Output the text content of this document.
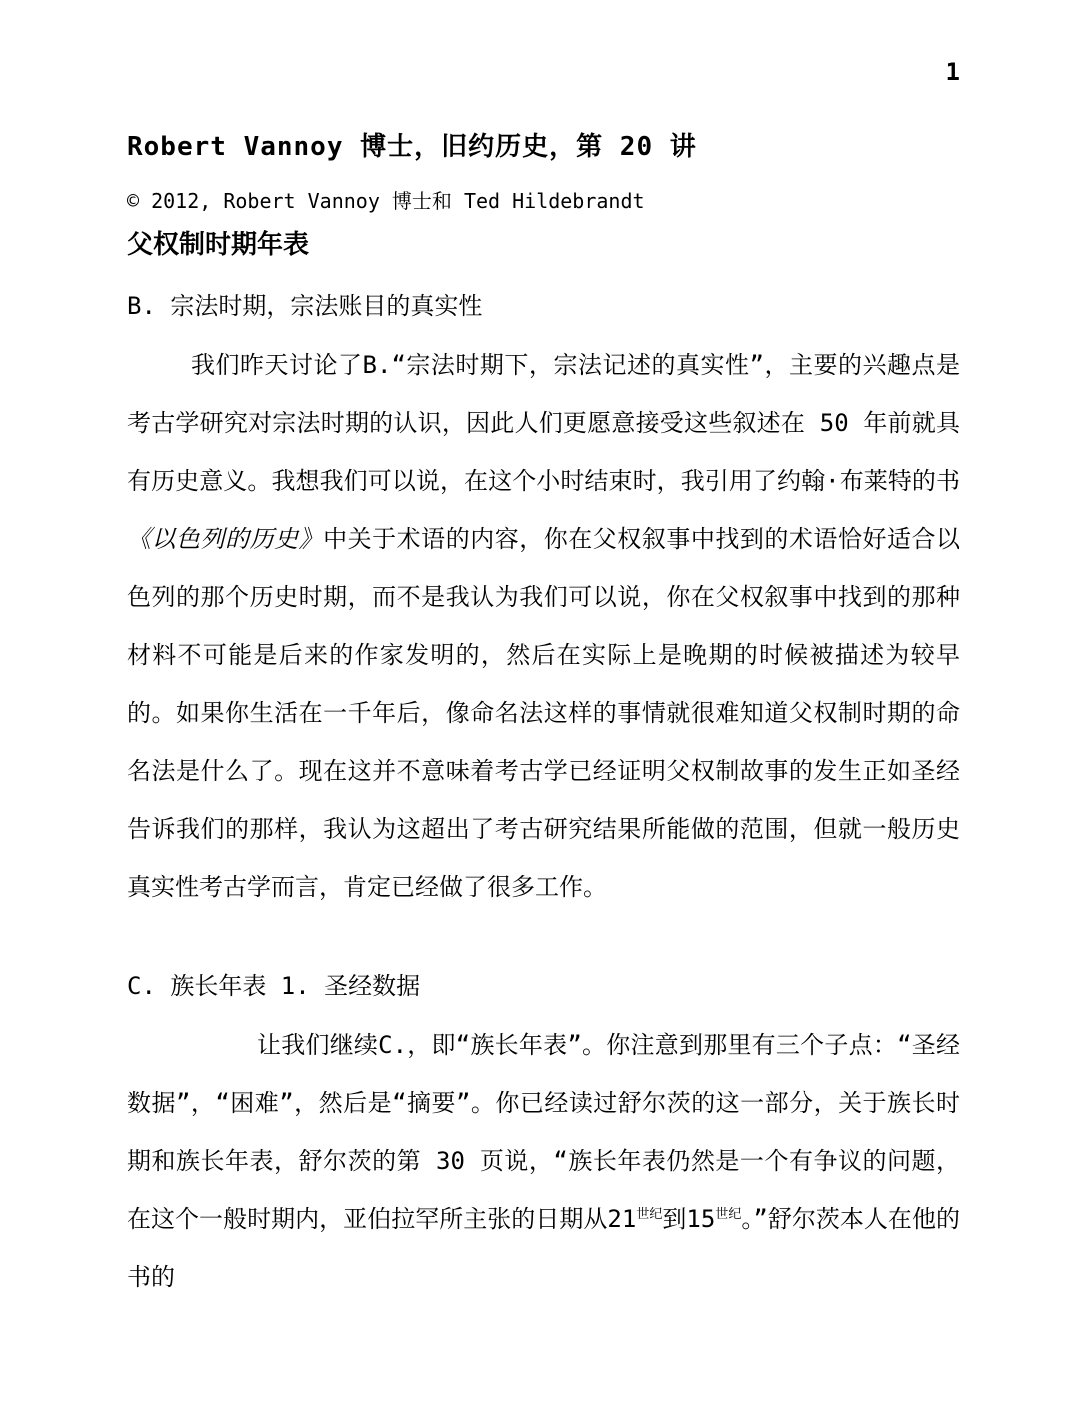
1
Robert Vannoy 博士，旧约历史，第 20 讲

© 2012, Robert Vannoy 博士和 Ted Hildebrandt

父权制时期年表
B. 宗法时期，宗法账目的真实性

我们昨天讨论了B.“宗法时期下，宗法记述的真实性”，主要的兴趣点是考古学研究对宗法时期的认识，因此人们更愿意接受这些叙述在 50 年前就具有历史意义。我想我们可以说，在这个小时结束时，我引用了约翰·布莱特的书《以色列的历史》中关于术语的内容，你在父权叙事中找到的术语恰好适合以色列的那个历史时期，而不是我认为我们可以说，你在父权叙事中找到的那种材料不可能是后来的作家发明的，然后在实际上是晚期的时候被描述为较早的。如果你生活在一千年后，像命名法这样的事情就很难知道父权制时期的命名法是什么了。现在这并不意味着考古学已经证明父权制故事的发生正如圣经告诉我们的那样，我认为这超出了考古研究结果所能做的范围，但就一般历史真实性考古学而言，肯定已经做了很多工作。

C. 族长年表 1. 圣经数据

让我们继续C.，即“族长年表”。你注意到那里有三个子点：“圣经数据”，“困难”，然后是“摘要”。你已经读过舒尔茨的这一部分，关于族长时期和族长年表，舒尔茨的第 30 页说，“族长年表仍然是一个有争议的问题，在这个一般时期内，亚伯拉罕所主张的日期从$21^{世纪}$到$15^{世纪}$。”舒尔茨本人在他的书的
